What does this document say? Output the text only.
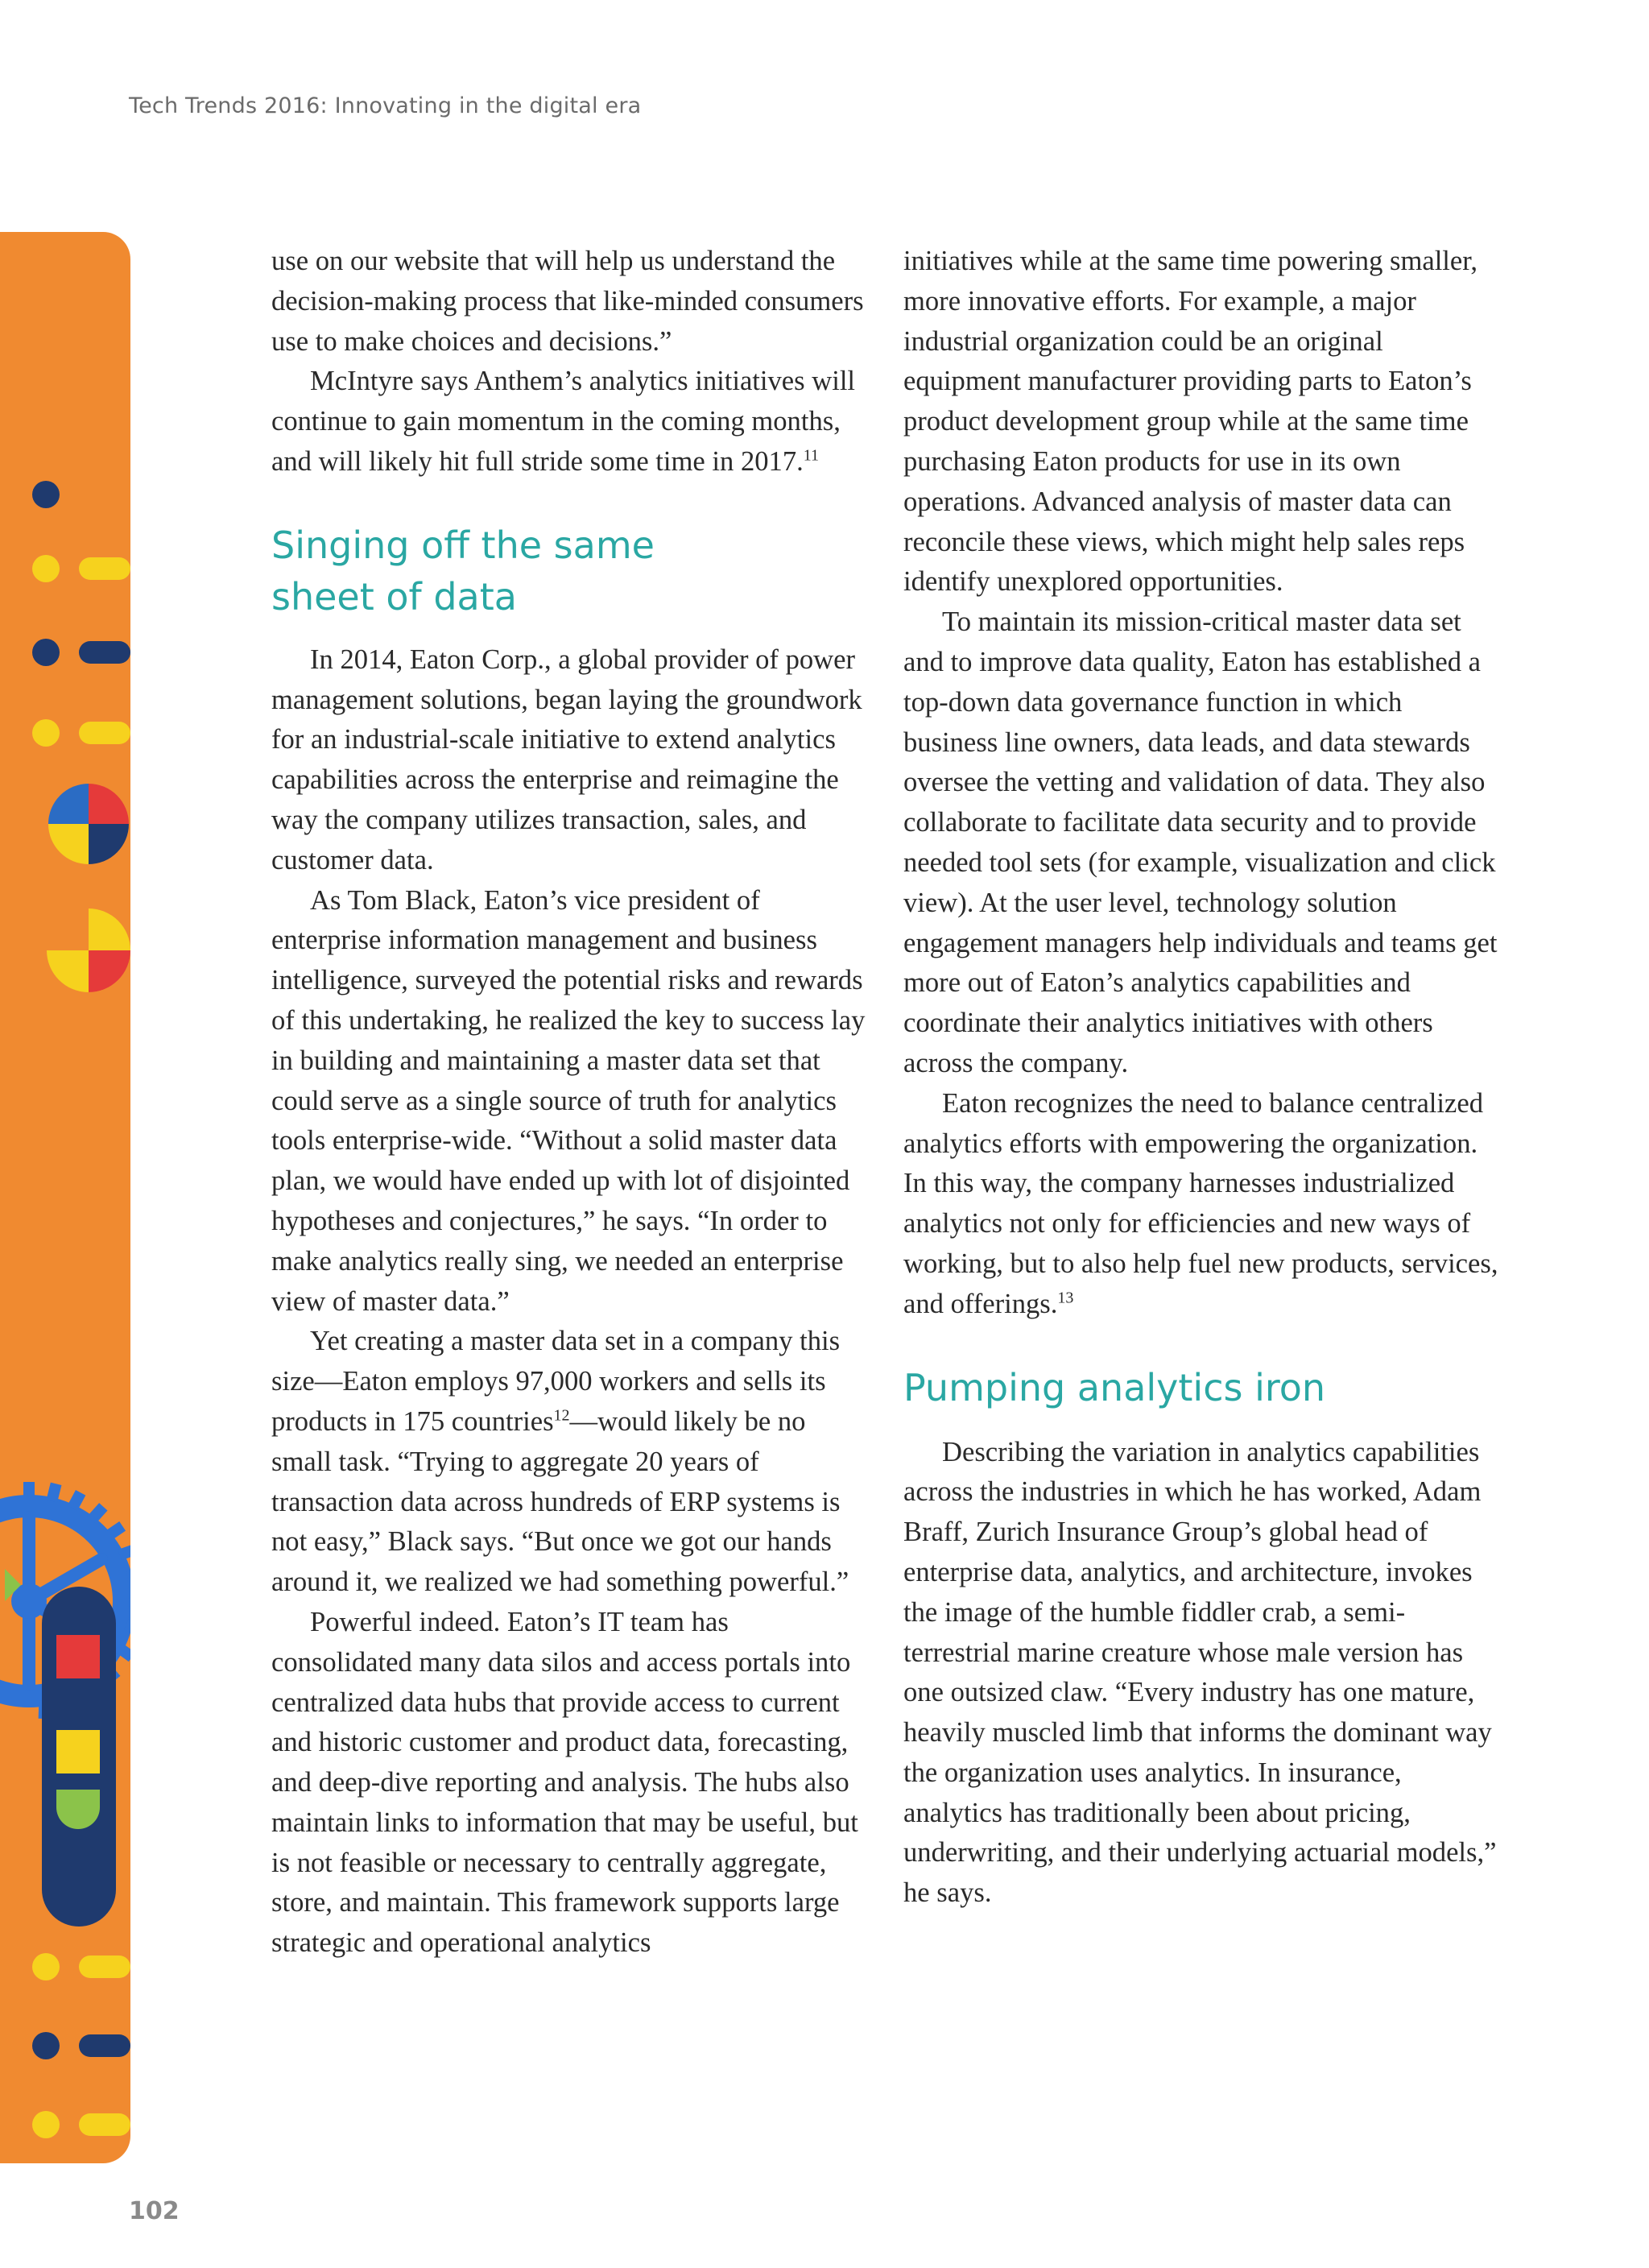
Tech Trends 2016: Innovating in the digital era

use on our website that will help us understand the decision-making process that like-minded consumers use to make choices and decisions.”

McIntyre says Anthem’s analytics initiatives will continue to gain momentum in the coming months, and will likely hit full stride some time in 2017.11

Singing off the same sheet of data

In 2014, Eaton Corp., a global provider of power management solutions, began laying the groundwork for an industrial-scale initiative to extend analytics capabilities across the enterprise and reimagine the way the company utilizes transaction, sales, and customer data.

As Tom Black, Eaton’s vice president of enterprise information management and business intelligence, surveyed the potential risks and rewards of this undertaking, he realized the key to success lay in building and maintaining a master data set that could serve as a single source of truth for analytics tools enterprise-wide. “Without a solid master data plan, we would have ended up with lot of disjointed hypotheses and conjectures,” he says. “In order to make analytics really sing, we needed an enterprise view of master data.”

Yet creating a master data set in a company this size—Eaton employs 97,000 workers and sells its products in 175 countries$^{12}$—would likely be no small task. “Trying to aggregate 20 years of transaction data across hundreds of ERP systems is not easy,” Black says. “But once we got our hands around it, we realized we had something powerful.”

Powerful indeed. Eaton’s IT team has consolidated many data silos and access portals into centralized data hubs that provide access to current and historic customer and product data, forecasting, and deep-dive reporting and analysis. The hubs also maintain links to information that may be useful, but is not feasible or necessary to centrally aggregate, store, and maintain. This framework supports large strategic and operational analytics

initiatives while at the same time powering smaller, more innovative efforts. For example, a major industrial organization could be an original equipment manufacturer providing parts to Eaton’s product development group while at the same time purchasing Eaton products for use in its own operations. Advanced analysis of master data can reconcile these views, which might help sales reps identify unexplored opportunities.

To maintain its mission-critical master data set and to improve data quality, Eaton has established a top-down data governance function in which business line owners, data leads, and data stewards oversee the vetting and validation of data. They also collaborate to facilitate data security and to provide needed tool sets (for example, visualization and click view). At the user level, technology solution engagement managers help individuals and teams get more out of Eaton’s analytics capabilities and coordinate their analytics initiatives with others across the company.

Eaton recognizes the need to balance centralized analytics efforts with empowering the organization. In this way, the company harnesses industrialized analytics not only for efficiencies and new ways of working, but to also help fuel new products, services, and offerings.$^{13}$

Pumping analytics iron

Describing the variation in analytics capabilities across the industries in which he has worked, Adam Braff, Zurich Insurance Group’s global head of enterprise data, analytics, and architecture, invokes the image of the humble fiddler crab, a semi-terrestrial marine creature whose male version has one outsized claw. “Every industry has one mature, heavily muscled limb that informs the dominant way the organization uses analytics. In insurance, analytics has traditionally been about pricing, underwriting, and their underlying actuarial models,” he says.

102
